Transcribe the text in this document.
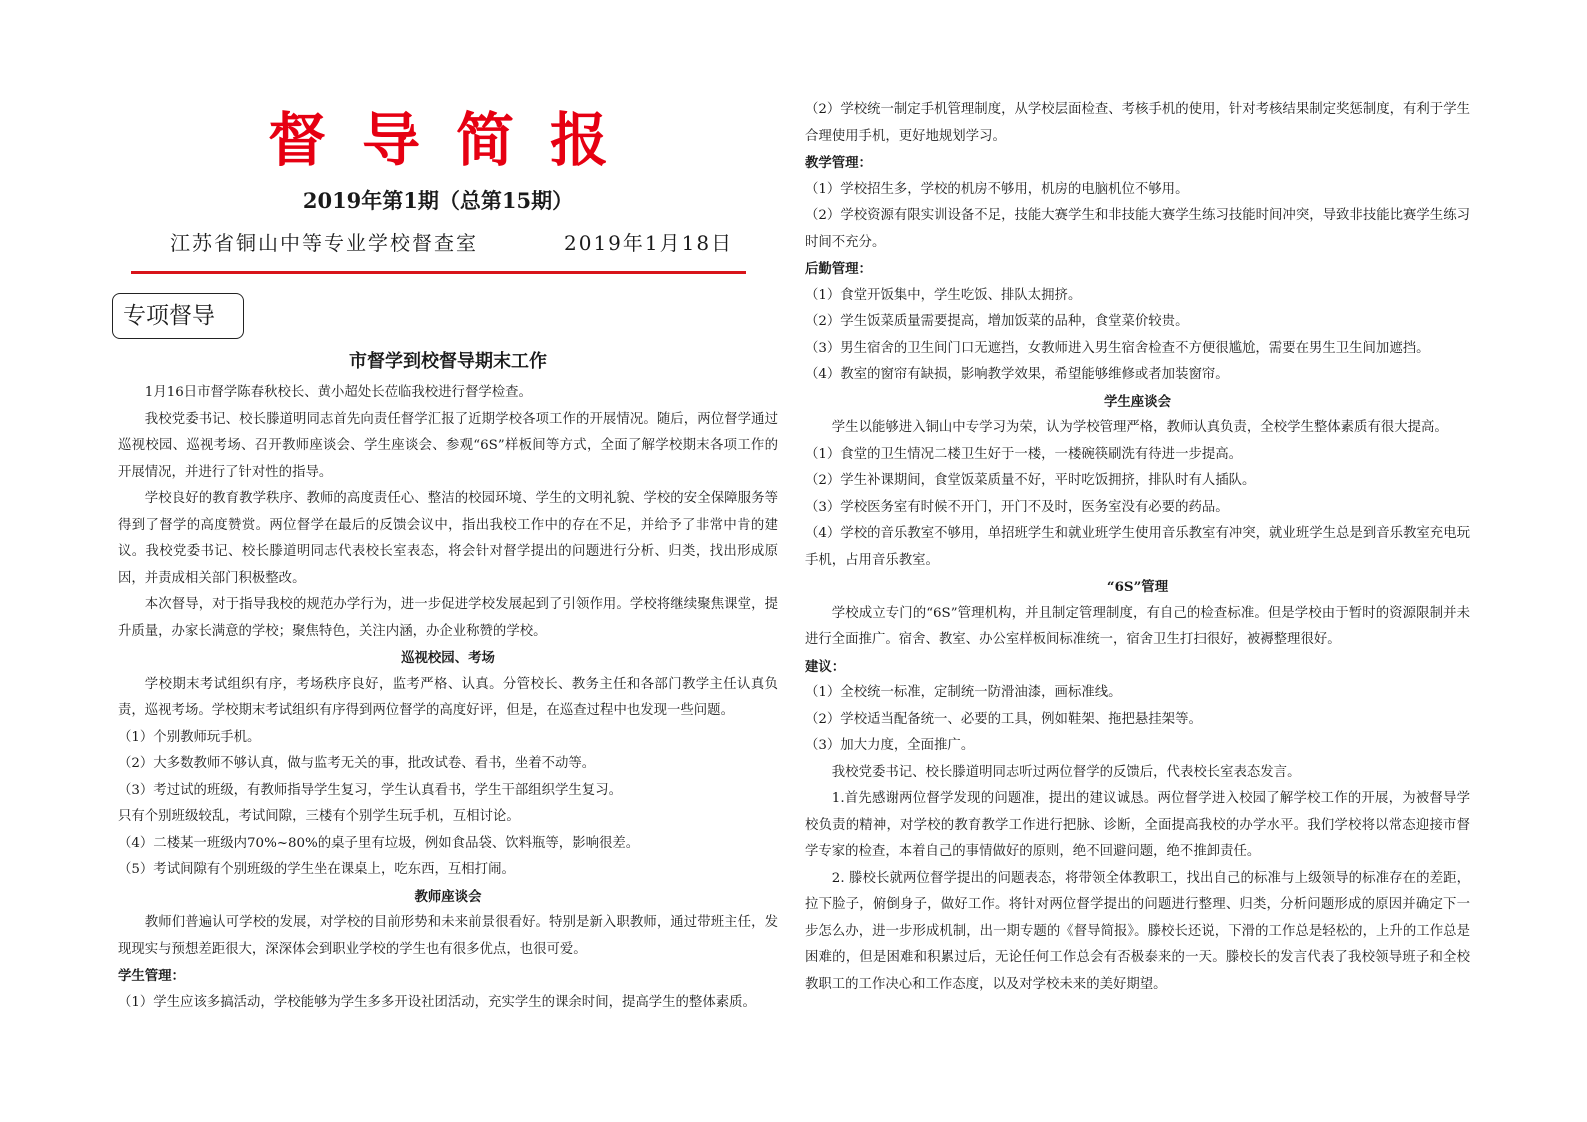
督导简报
2019年第1期（总第15期）
江苏省铜山中等专业学校督查室	2019年1月18日
专项督导
市督学到校督导期末工作

1月16日市督学陈春秋校长、黄小超处长莅临我校进行督学检查。

我校党委书记、校长滕道明同志首先向责任督学汇报了近期学校各项工作的开展情况。随后，两位督学通过巡视校园、巡视考场、召开教师座谈会、学生座谈会、参观“6S”样板间等方式，全面了解学校期末各项工作的开展情况，并进行了针对性的指导。

学校良好的教育教学秩序、教师的高度责任心、整洁的校园环境、学生的文明礼貌、学校的安全保障服务等得到了督学的高度赞赏。两位督学在最后的反馈会议中，指出我校工作中的存在不足，并给予了非常中肯的建议。我校党委书记、校长滕道明同志代表校长室表态，将会针对督学提出的问题进行分析、归类，找出形成原因，并责成相关部门积极整改。

本次督导，对于指导我校的规范办学行为，进一步促进学校发展起到了引领作用。学校将继续聚焦课堂，提升质量，办家长满意的学校；聚焦特色，关注内涵，办企业称赞的学校。

巡视校园、考场

学校期末考试组织有序，考场秩序良好，监考严格、认真。分管校长、教务主任和各部门教学主任认真负责，巡视考场。学校期末考试组织有序得到两位督学的高度好评，但是，在巡查过程中也发现一些问题。

（1）个别教师玩手机。

（2）大多数教师不够认真，做与监考无关的事，批改试卷、看书，坐着不动等。

（3）考过试的班级，有教师指导学生复习，学生认真看书，学生干部组织学生复习。

只有个别班级较乱，考试间隙，三楼有个别学生玩手机，互相讨论。

（4）二楼某一班级内70%~80%的桌子里有垃圾，例如食品袋、饮料瓶等，影响很差。

（5）考试间隙有个别班级的学生坐在课桌上，吃东西，互相打闹。

教师座谈会

教师们普遍认可学校的发展，对学校的目前形势和未来前景很看好。特别是新入职教师，通过带班主任，发现现实与预想差距很大，深深体会到职业学校的学生也有很多优点，也很可爱。

学生管理：

（1）学生应该多搞活动，学校能够为学生多多开设社团活动，充实学生的课余时间，提高学生的整体素质。

（2）学校统一制定手机管理制度，从学校层面检查、考核手机的使用，针对考核结果制定奖惩制度，有利于学生合理使用手机，更好地规划学习。

教学管理：

（1）学校招生多，学校的机房不够用，机房的电脑机位不够用。

（2）学校资源有限实训设备不足，技能大赛学生和非技能大赛学生练习技能时间冲突，导致非技能比赛学生练习时间不充分。

后勤管理：

（1）食堂开饭集中，学生吃饭、排队太拥挤。

（2）学生饭菜质量需要提高，增加饭菜的品种，食堂菜价较贵。

（3）男生宿舍的卫生间门口无遮挡，女教师进入男生宿舍检查不方便很尴尬，需要在男生卫生间加遮挡。

（4）教室的窗帘有缺损，影响教学效果，希望能够维修或者加装窗帘。

学生座谈会

学生以能够进入铜山中专学习为荣，认为学校管理严格，教师认真负责，全校学生整体素质有很大提高。

（1）食堂的卫生情况二楼卫生好于一楼，一楼碗筷刷洗有待进一步提高。

（2）学生补课期间，食堂饭菜质量不好，平时吃饭拥挤，排队时有人插队。

（3）学校医务室有时候不开门，开门不及时，医务室没有必要的药品。

（4）学校的音乐教室不够用，单招班学生和就业班学生使用音乐教室有冲突，就业班学生总是到音乐教室充电玩手机，占用音乐教室。

“6S”管理

学校成立专门的“6S”管理机构，并且制定管理制度，有自己的检查标准。但是学校由于暂时的资源限制并未进行全面推广。宿舍、教室、办公室样板间标准统一，宿舍卫生打扫很好，被褥整理很好。

建议：

（1）全校统一标准，定制统一防滑油漆，画标准线。

（2）学校适当配备统一、必要的工具，例如鞋架、拖把悬挂架等。

（3）加大力度，全面推广。

我校党委书记、校长滕道明同志听过两位督学的反馈后，代表校长室表态发言。

1.首先感谢两位督学发现的问题准，提出的建议诚恳。两位督学进入校园了解学校工作的开展，为被督导学校负责的精神，对学校的教育教学工作进行把脉、诊断，全面提高我校的办学水平。我们学校将以常态迎接市督学专家的检查，本着自己的事情做好的原则，绝不回避问题，绝不推卸责任。

2. 滕校长就两位督学提出的问题表态，将带领全体教职工，找出自己的标准与上级领导的标准存在的差距，拉下脸子，俯倒身子，做好工作。将针对两位督学提出的问题进行整理、归类，分析问题形成的原因并确定下一步怎么办，进一步形成机制，出一期专题的《督导简报》。滕校长还说，下滑的工作总是轻松的，上升的工作总是困难的，但是困难和积累过后，无论任何工作总会有否极泰来的一天。滕校长的发言代表了我校领导班子和全校教职工的工作决心和工作态度，以及对学校未来的美好期望。
